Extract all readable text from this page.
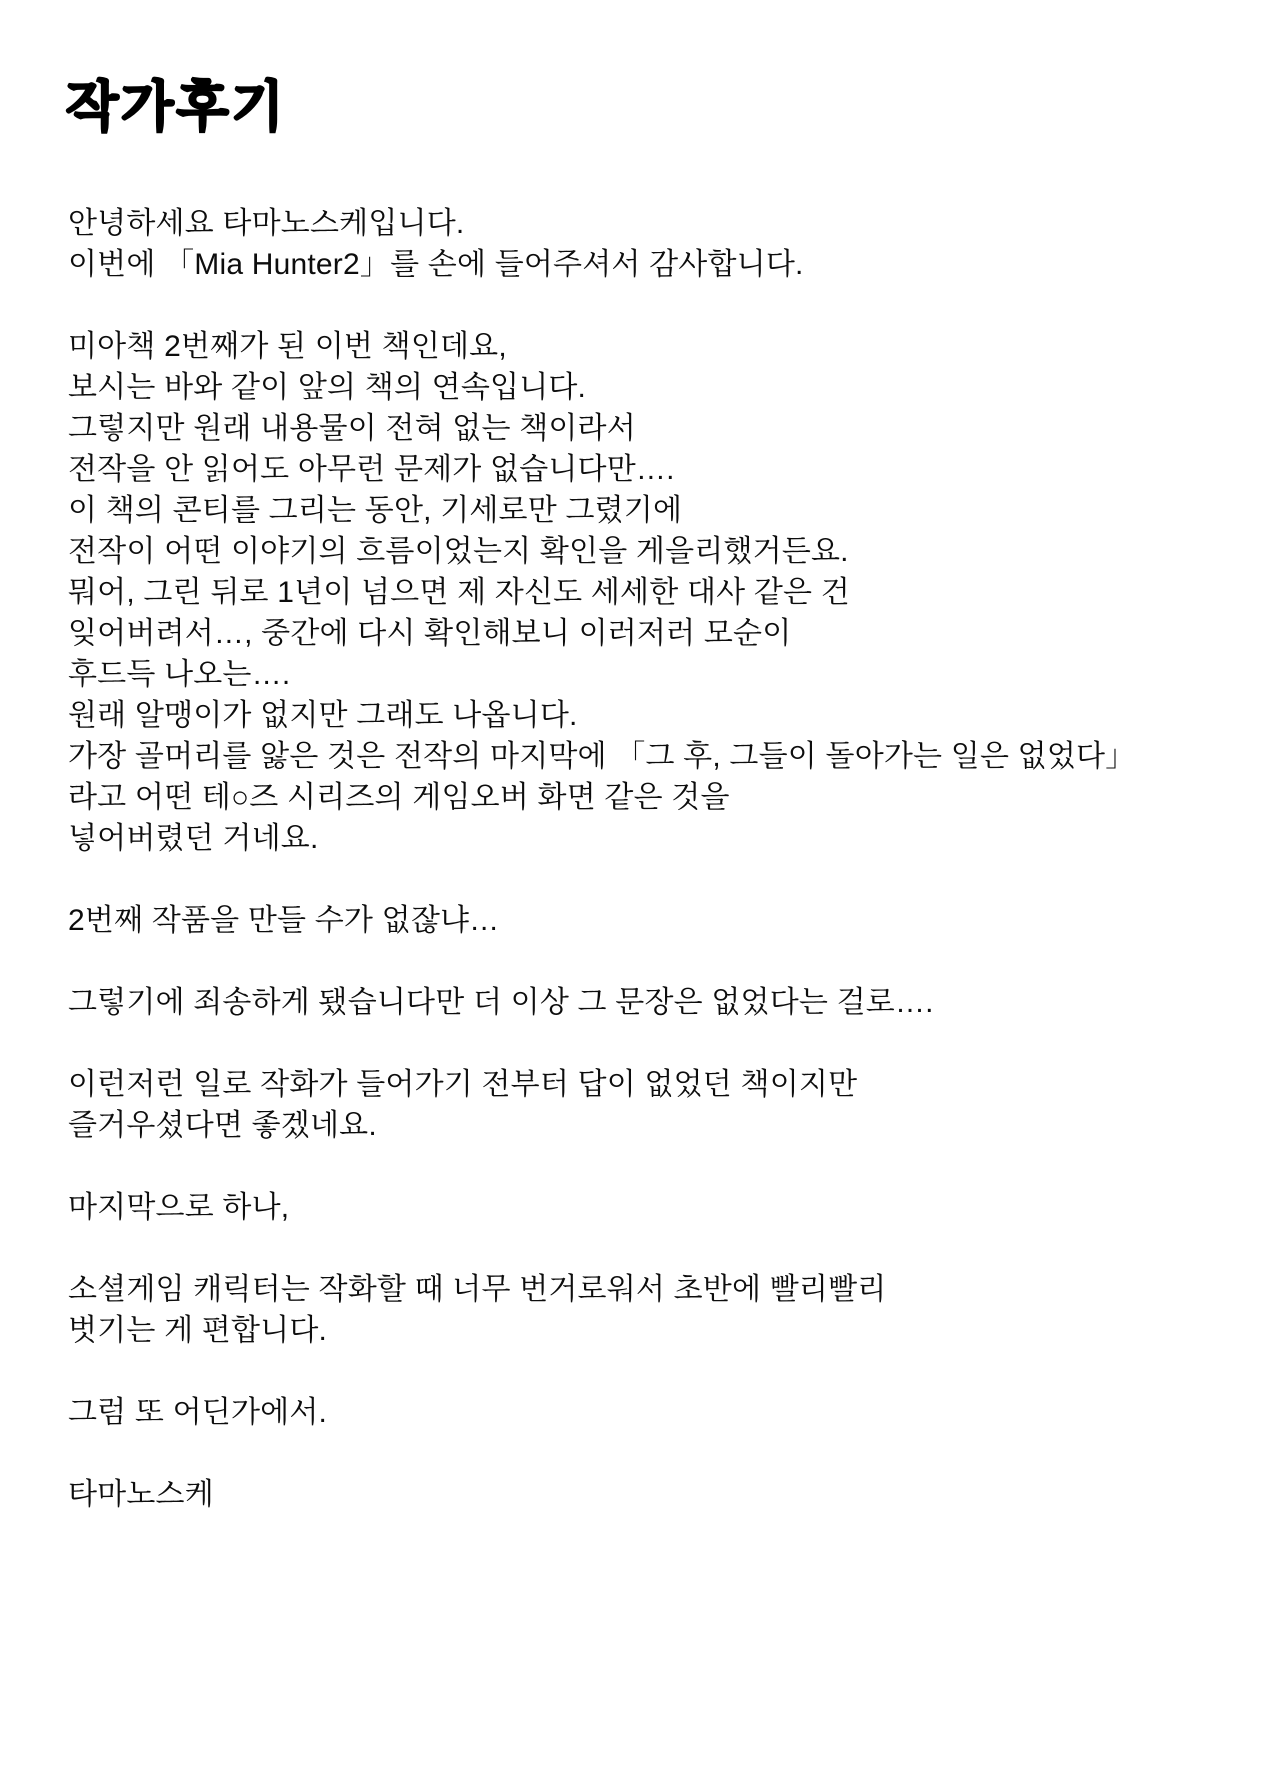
작가후기
안녕하세요 타마노스케입니다.
이번에 「Mia Hunter2」를 손에 들어주셔서 감사합니다.
미아책 2번째가 된 이번 책인데요,
보시는 바와 같이 앞의 책의 연속입니다.
그렇지만 원래 내용물이 전혀 없는 책이라서
전작을 안 읽어도 아무런 문제가 없습니다만….
이 책의 콘티를 그리는 동안, 기세로만 그렸기에
전작이 어떤 이야기의 흐름이었는지 확인을 게을리했거든요.
뭐어, 그린 뒤로 1년이 넘으면 제 자신도 세세한 대사 같은 건
잊어버려서…, 중간에 다시 확인해보니 이러저러 모순이
후드득 나오는….
원래 알맹이가 없지만 그래도 나옵니다.
가장 골머리를 앓은 것은 전작의 마지막에 「그 후, 그들이 돌아가는 일은 없었다」
라고 어떤 테○즈 시리즈의 게임오버 화면 같은 것을
넣어버렸던 거네요.
2번째 작품을 만들 수가 없잖냐…
그렇기에 죄송하게 됐습니다만 더 이상 그 문장은 없었다는 걸로….
이런저런 일로 작화가 들어가기 전부터 답이 없었던 책이지만
즐거우셨다면 좋겠네요.
마지막으로 하나,
소셜게임 캐릭터는 작화할 때 너무 번거로워서 초반에 빨리빨리
벗기는 게 편합니다.
그럼 또 어딘가에서.
타마노스케
